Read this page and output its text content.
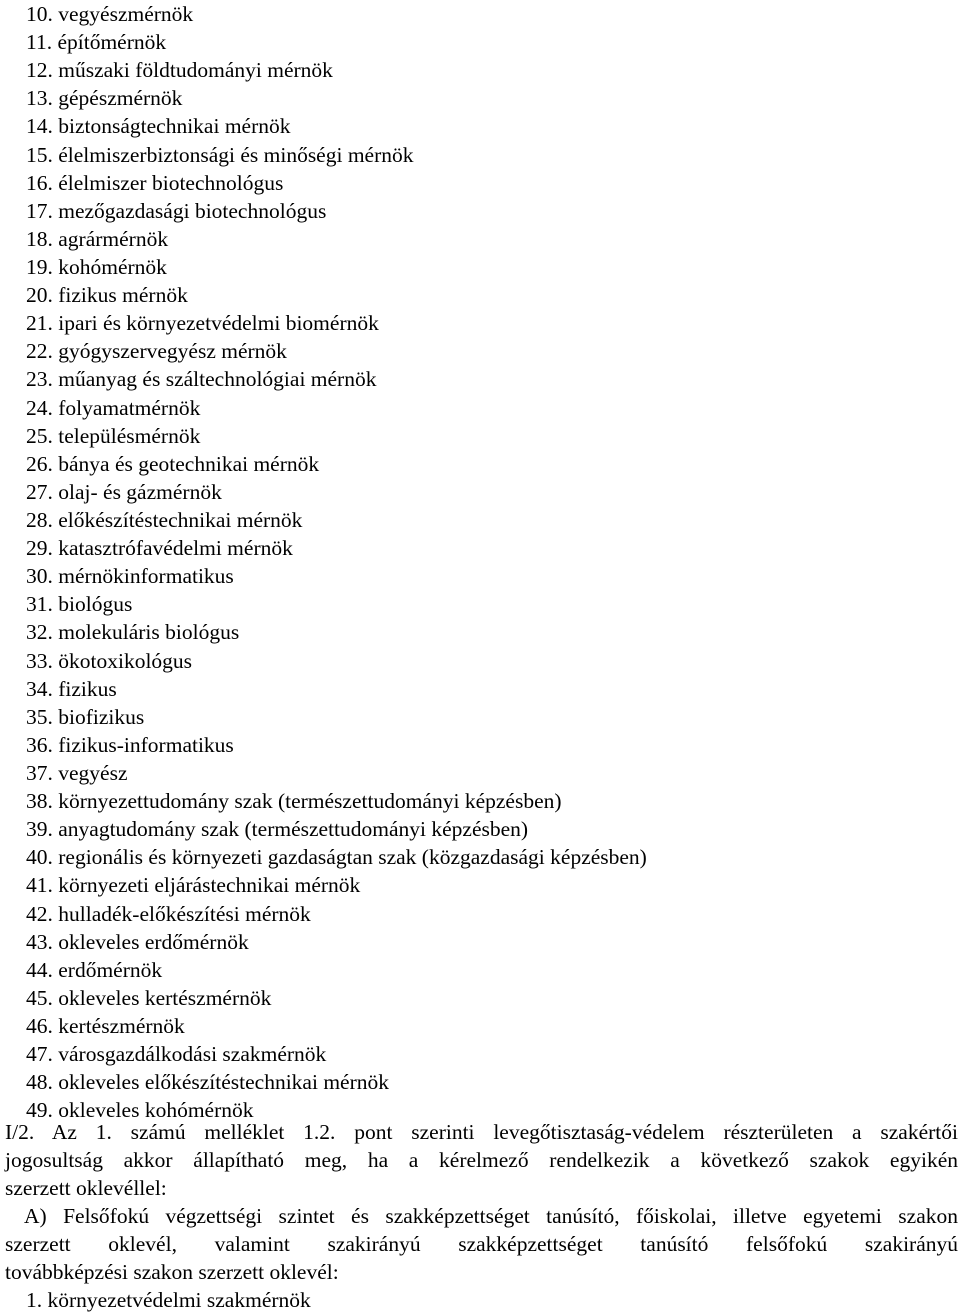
10. vegyészmérnök
11. építőmérnök
12. műszaki földtudományi mérnök
13. gépészmérnök
14. biztonságtechnikai mérnök
15. élelmiszerbiztonsági és minőségi mérnök
16. élelmiszer biotechnológus
17. mezőgazdasági biotechnológus
18. agrármérnök
19. kohómérnök
20. fizikus mérnök
21. ipari és környezetvédelmi biomérnök
22. gyógyszervegyész mérnök
23. műanyag és száltechnológiai mérnök
24. folyamatmérnök
25. településmérnök
26. bánya és geotechnikai mérnök
27. olaj- és gázmérnök
28. előkészítéstechnikai mérnök
29. katasztrófavédelmi mérnök
30. mérnökinformatikus
31. biológus
32. molekuláris biológus
33. ökotoxikológus
34. fizikus
35. biofizikus
36. fizikus-informatikus
37. vegyész
38. környezettudomány szak (természettudományi képzésben)
39. anyagtudomány szak (természettudományi képzésben)
40. regionális és környezeti gazdaságtan szak (közgazdasági képzésben)
41. környezeti eljárástechnikai mérnök
42. hulladék-előkészítési mérnök
43. okleveles erdőmérnök
44. erdőmérnök
45. okleveles kertészmérnök
46. kertészmérnök
47. városgazdálkodási szakmérnök
48. okleveles előkészítéstechnikai mérnök
49. okleveles kohómérnök
I/2. Az 1. számú melléklet 1.2. pont szerinti levegőtisztaság-védelem részterületen a szakértői
jogosultság akkor állapítható meg, ha a kérelmező rendelkezik a következő szakok egyikén
szerzett oklevéllel:
A) Felsőfokú végzettségi szintet és szakképzettséget tanúsító, főiskolai, illetve egyetemi szakon
szerzett oklevél, valamint szakirányú szakképzettséget tanúsító felsőfokú szakirányú
továbbképzési szakon szerzett oklevél:
1. környezetvédelmi szakmérnök
